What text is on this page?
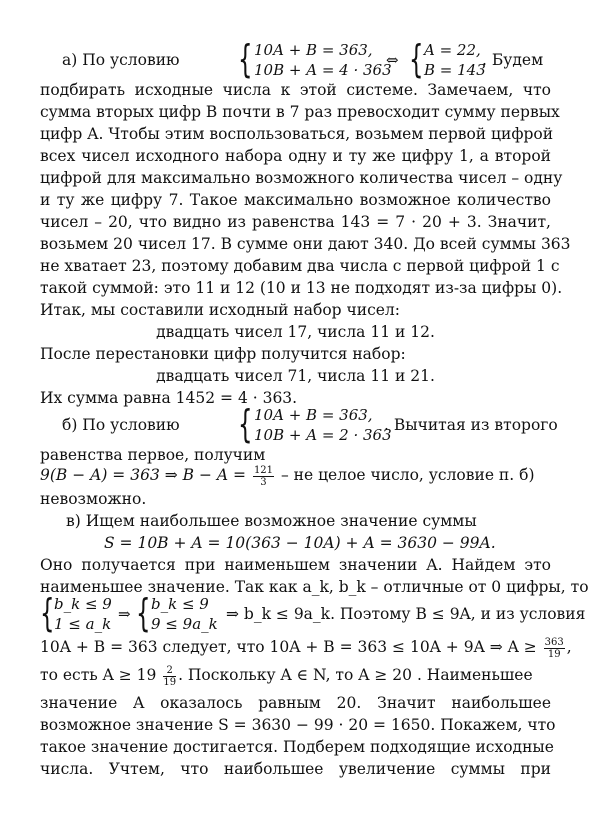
а) По условию { 10A + B = 363,
10B + A = 4 · 363
⇔ { A = 22,
B = 143
. Будем
подбирать исходные числа к этой системе. Замечаем, что
сумма вторых цифр B почти в 7 раз превосходит сумму первых
цифр A. Чтобы этим воспользоваться, возьмем первой цифрой
всех чисел исходного набора одну и ту же цифру 1, а второй
цифрой для максимально возможного количества чисел – одну
и ту же цифру 7. Такое максимально возможное количество
чисел – 20, что видно из равенства 143 = 7 · 20 + 3. Значит,
возьмем 20 чисел 17. В сумме они дают 340. До всей суммы 363
не хватает 23, поэтому добавим два числа с первой цифрой 1 с
такой суммой: это 11 и 12 (10 и 13 не подходят из-за цифры 0).
Итак, мы составили исходный набор чисел:
двадцать чисел 17, числа 11 и 12.
После перестановки цифр получится набор:
двадцать чисел 71, числа 11 и 21.
Их сумма равна 1452 = 4 · 363.
б) По условию { 10A + B = 363,
10B + A = 2 · 363
. Вычитая из второго
равенства первое, получим
9(B − A) = 363 ⇒ $B - A = \frac{121}{3}$ – не целое число, условие п. б)
невозможно.
в) Ищем наибольшее возможное значение суммы
S = 10B + A = 10(363 − 10A) + A = 3630 − 99A.
Оно получается при наименьшем значении A. Найдем это
наименьшее значение. Так как a_k, b_k – отличные от 0 цифры, то
{ b_k ≤ 9
1 ≤ a_k
⇒ { b_k ≤ 9
9 ≤ 9a_k
⇒ b_k ≤ 9a_k. Поэтому B ≤ 9A, и из условия
10A + B = 363 следует, что 10A + B = 363 ≤ 10A + 9A ⇒ $A \ge \frac{363}{19}$ ,
то есть $A \ge 19 \frac{2}{19}$ . Поскольку A ∈ N, то A ≥ 20 . Наименьшее
значение A оказалось равным 20. Значит наибольшее
возможное значение S = 3630 − 99 · 20 = 1650. Покажем, что
такое значение достигается. Подберем подходящие исходные
числа. Учтем, что наибольшее увеличение суммы при
